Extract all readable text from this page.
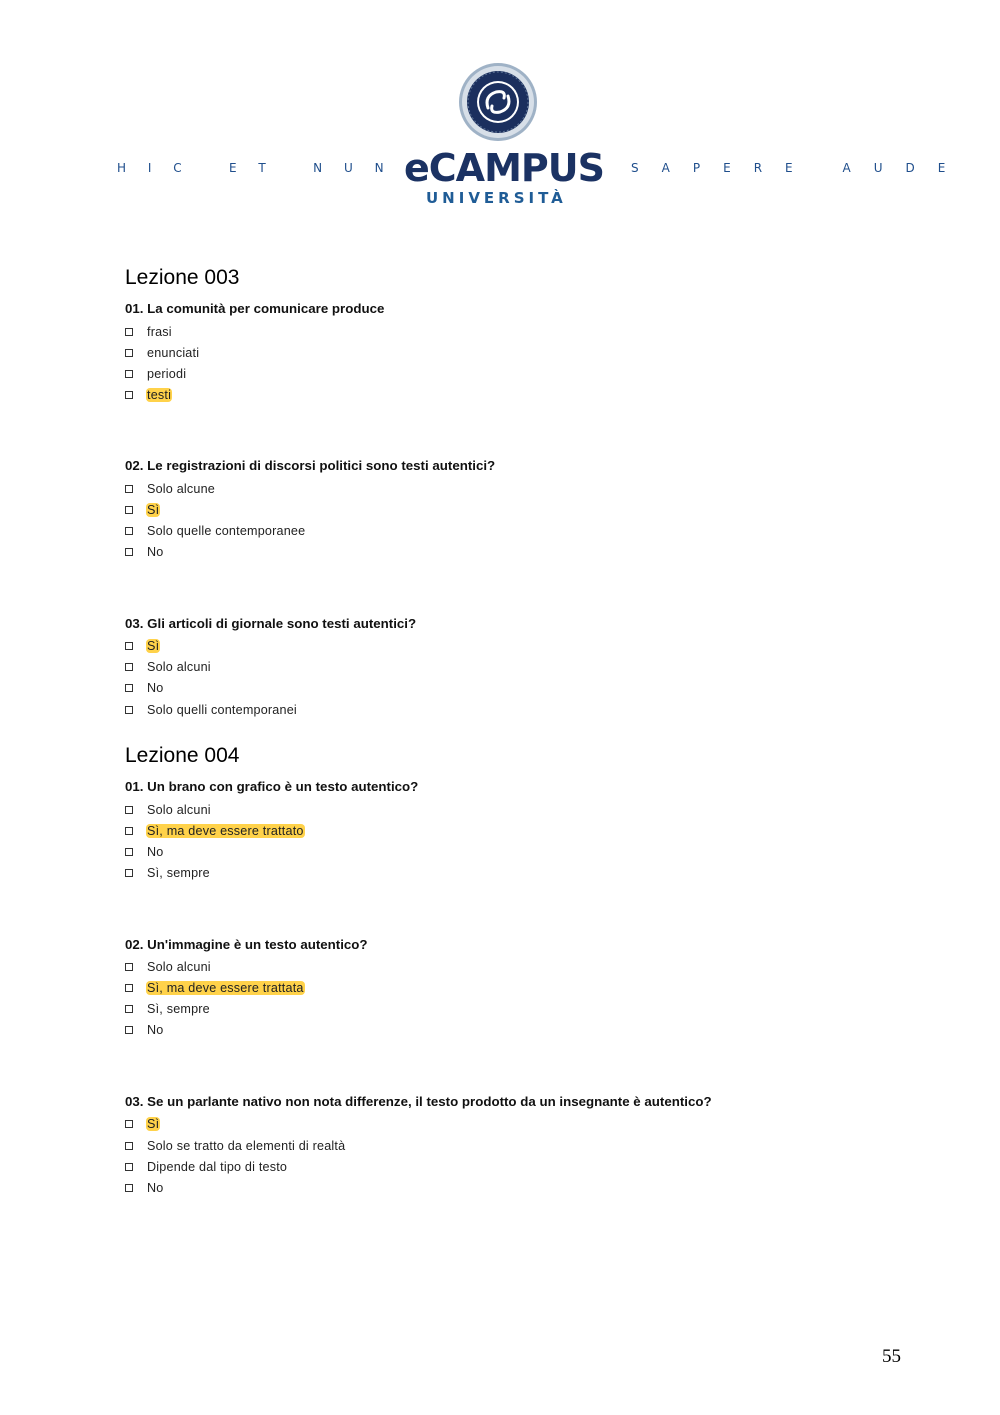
H I C   E T   N U N C
eCAMPUS
UNIVERSITÀ
S A P E R E   A U D E
Lezione 003
01. La comunità per comunicare produce
frasi
enunciati
periodi
testi
02. Le registrazioni di discorsi politici sono testi autentici?
Solo alcune
Sì
Solo quelle contemporanee
No
03. Gli articoli di giornale sono testi autentici?
Sì
Solo alcuni
No
Solo quelli contemporanei
Lezione 004
01. Un brano con grafico è un testo autentico?
Solo alcuni
Sì, ma deve essere trattato
No
Sì, sempre
02. Un'immagine è un testo autentico?
Solo alcuni
Sì, ma deve essere trattata
Sì, sempre
No
03. Se un parlante nativo non nota differenze, il testo prodotto da un insegnante è autentico?
Sì
Solo se tratto da elementi di realtà
Dipende dal tipo di testo
No
55
